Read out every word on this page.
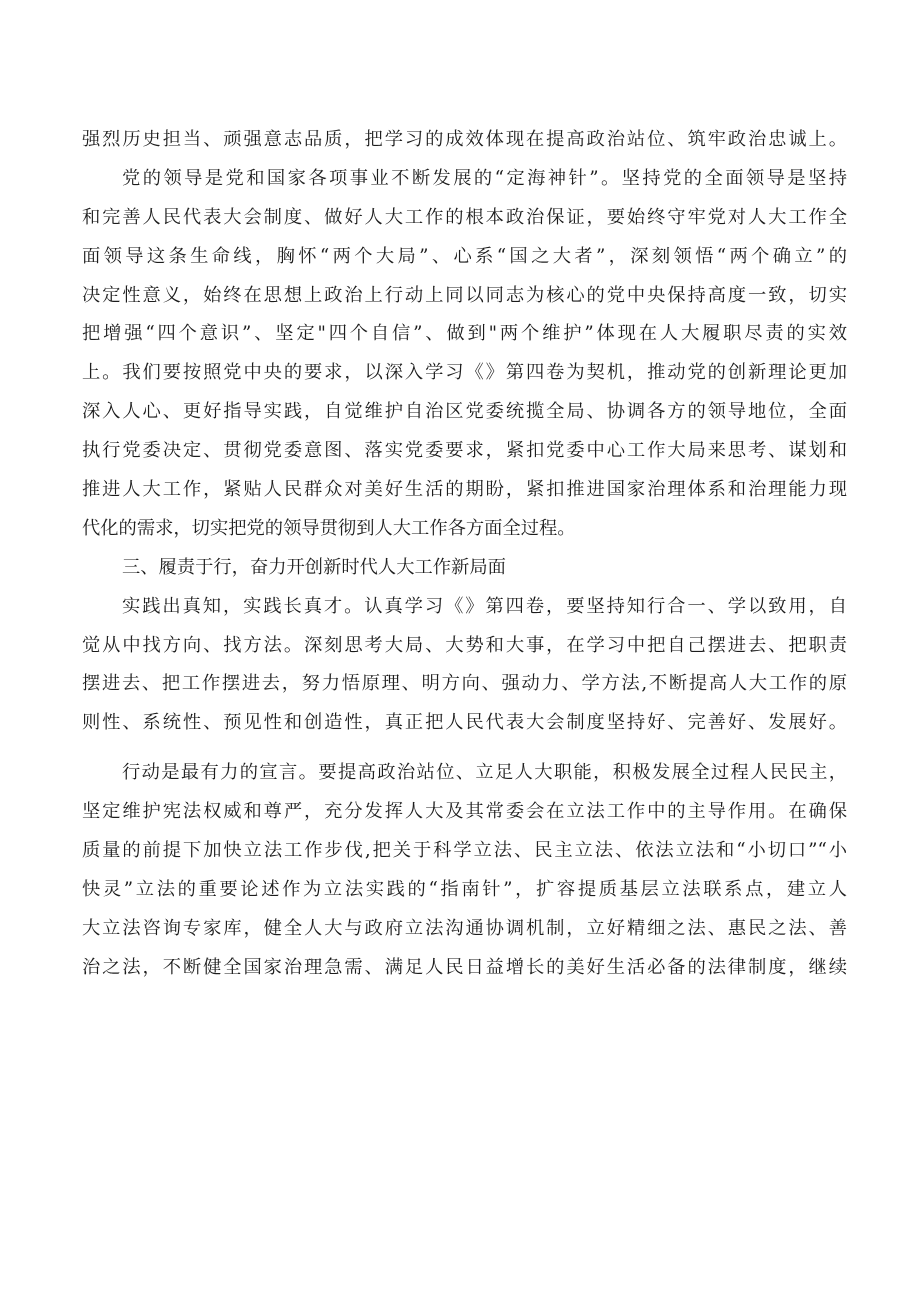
强烈历史担当、顽强意志品质，把学习的成效体现在提高政治站位、筑牢政治忠诚上。
党的领导是党和国家各项事业不断发展的“定海神针”。坚持党的全面领导是坚持
和完善人民代表大会制度、做好人大工作的根本政治保证，要始终守牢党对人大工作全
面领导这条生命线，胸怀“两个大局”、心系“国之大者”，深刻领悟“两个确立”的
决定性意义，始终在思想上政治上行动上同以同志为核心的党中央保持高度一致，切实
把增强“四个意识”、坚定"四个自信”、做到"两个维护”体现在人大履职尽责的实效
上。我们要按照党中央的要求，以深入学习《》第四卷为契机，推动党的创新理论更加
深入人心、更好指导实践，自觉维护自治区党委统揽全局、协调各方的领导地位，全面
执行党委决定、贯彻党委意图、落实党委要求，紧扣党委中心工作大局来思考、谋划和
推进人大工作，紧贴人民群众对美好生活的期盼，紧扣推进国家治理体系和治理能力现
代化的需求，切实把党的领导贯彻到人大工作各方面全过程。
三、履责于行，奋力开创新时代人大工作新局面
实践出真知，实践长真才。认真学习《》第四卷，要坚持知行合一、学以致用，自
觉从中找方向、找方法。深刻思考大局、大势和大事，在学习中把自己摆进去、把职责
摆进去、把工作摆进去，努力悟原理、明方向、强动力、学方法,不断提高人大工作的原
则性、系统性、预见性和创造性，真正把人民代表大会制度坚持好、完善好、发展好。
行动是最有力的宣言。要提高政治站位、立足人大职能，积极发展全过程人民民主，
坚定维护宪法权威和尊严，充分发挥人大及其常委会在立法工作中的主导作用。在确保
质量的前提下加快立法工作步伐,把关于科学立法、民主立法、依法立法和“小切口”“小
快灵”立法的重要论述作为立法实践的“指南针”，扩容提质基层立法联系点，建立人
大立法咨询专家库，健全人大与政府立法沟通协调机制，立好精细之法、惠民之法、善
治之法，不断健全国家治理急需、满足人民日益增长的美好生活必备的法律制度，继续
